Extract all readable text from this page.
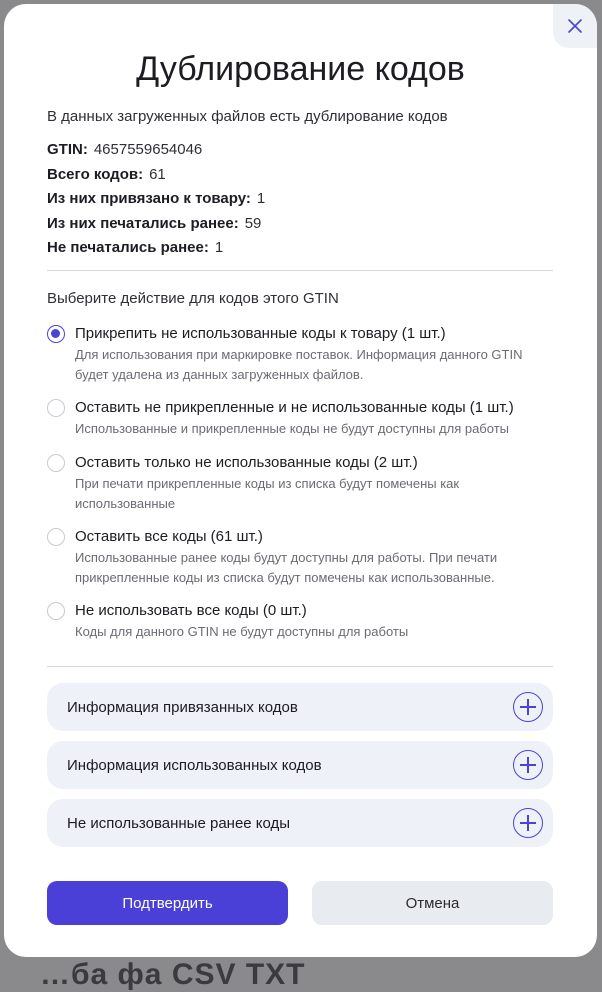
…ба фа CSV TXT
Дублирование кодов
В данных загруженных файлов есть дублирование кодов
GTIN: 4657559654046
Всего кодов: 61
Из них привязано к товару: 1
Из них печатались ранее: 59
Не печатались ранее: 1
Выберите действие для кодов этого GTIN
Прикрепить не использованные коды к товару (1 шт.)
Для использования при маркировке поставок. Информация данного GTIN будет удалена из данных загруженных файлов.
Оставить не прикрепленные и не использованные коды (1 шт.)
Использованные и прикрепленные коды не будут доступны для работы
Оставить только не использованные коды (2 шт.)
При печати прикрепленные коды из списка будут помечены как использованные
Оставить все коды (61 шт.)
Использованные ранее коды будут доступны для работы. При печати прикрепленные коды из списка будут помечены как использованные.
Не использовать все коды (0 шт.)
Коды для данного GTIN не будут доступны для работы
Информация привязанных кодов
Информация использованных кодов
Не использованные ранее коды
Подтвердить	Отмена
